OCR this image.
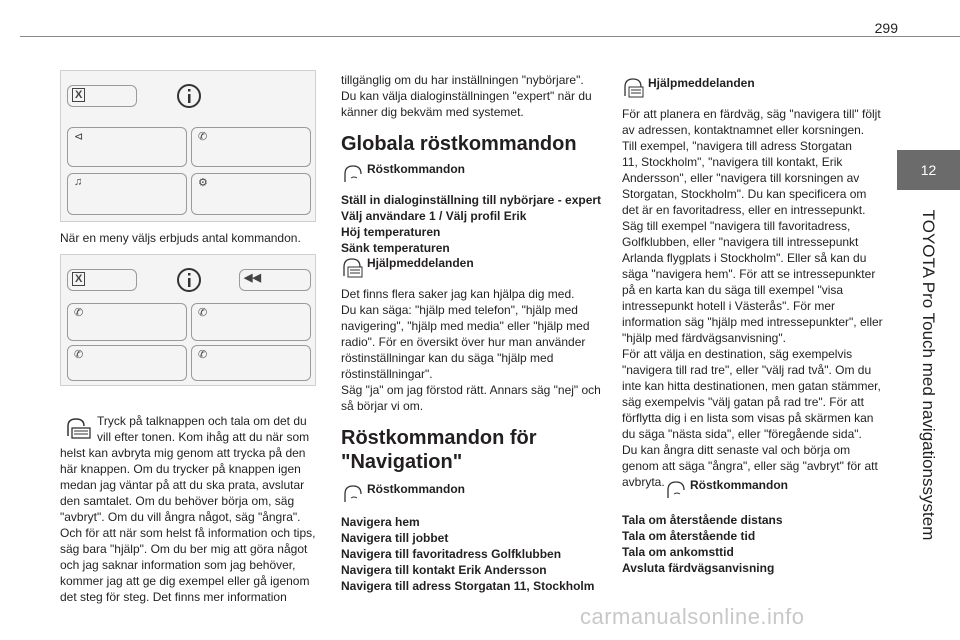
299
12
TOYOTA Pro Touch med navigationssystem
X
⊲	✆
♫	⚙
När en meny väljs erbjuds antal kommandon.
X	◀◀
✆	✆
✆	✆

Tryck på talknappen och tala om det du

vill efter tonen. Kom ihåg att du när som

helst kan avbryta mig genom att trycka på den

här knappen. Om du trycker på knappen igen

medan jag väntar på att du ska prata, avslutar

den samtalet. Om du behöver börja om, säg

"avbryt". Om du vill ångra något, säg "ångra".

Och för att när som helst få information och tips,

säg bara "hjälp". Om du ber mig att göra något

och jag saknar information som jag behöver,

kommer jag att ge dig exempel eller gå igenom

det steg för steg. Det finns mer information

tillgänglig om du har inställningen "nybörjare".

Du kan välja dialoginställningen "expert" när du

känner dig bekväm med systemet.

Globala röstkommandon
Röstkommandon

Ställ in dialoginställning till nybörjare - expert

Välj användare 1 / Välj profil Erik

Höj temperaturen

Sänk temperaturen

Hjälpmeddelanden

Det finns flera saker jag kan hjälpa dig med.

Du kan säga: "hjälp med telefon", "hjälp med

navigering", "hjälp med media" eller "hjälp med

radio". För en översikt över hur man använder

röstinställningar kan du säga "hjälp med

röstinställningar".

Säg "ja" om jag förstod rätt. Annars säg "nej" och

så börjar vi om.

Röstkommandon för
"Navigation"
Röstkommandon

Navigera hem

Navigera till jobbet

Navigera till favoritadress Golfklubben

Navigera till kontakt Erik Andersson

Navigera till adress Storgatan 11, Stockholm

Hjälpmeddelanden

För att planera en färdväg, säg "navigera till" följt

av adressen, kontaktnamnet eller korsningen.

Till exempel, "navigera till adress Storgatan

11, Stockholm", "navigera till kontakt, Erik

Andersson", eller "navigera till korsningen av

Storgatan, Stockholm". Du kan specificera om

det är en favoritadress, eller en intressepunkt.

Säg till exempel "navigera till favoritadress,

Golfklubben, eller "navigera till intressepunkt

Arlanda flygplats i Stockholm". Eller så kan du

säga "navigera hem". För att se intressepunkter

på en karta kan du säga till exempel "visa

intressepunkt hotell i Västerås". För mer

information säg "hjälp med intressepunkter", eller

"hjälp med färdvägsanvisning".

För att välja en destination, säg exempelvis

"navigera till rad tre", eller "välj rad två". Om du

inte kan hitta destinationen, men gatan stämmer,

säg exempelvis "välj gatan på rad tre". För att

förflytta dig i en lista som visas på skärmen kan

du säga "nästa sida", eller "föregående sida".

Du kan ångra ditt senaste val och börja om

genom att säga "ångra", eller säg "avbryt" för att

avbryta.	Röstkommandon

Tala om återstående distans

Tala om återstående tid

Tala om ankomsttid

Avsluta färdvägsanvisning

carmanualsonline.info
